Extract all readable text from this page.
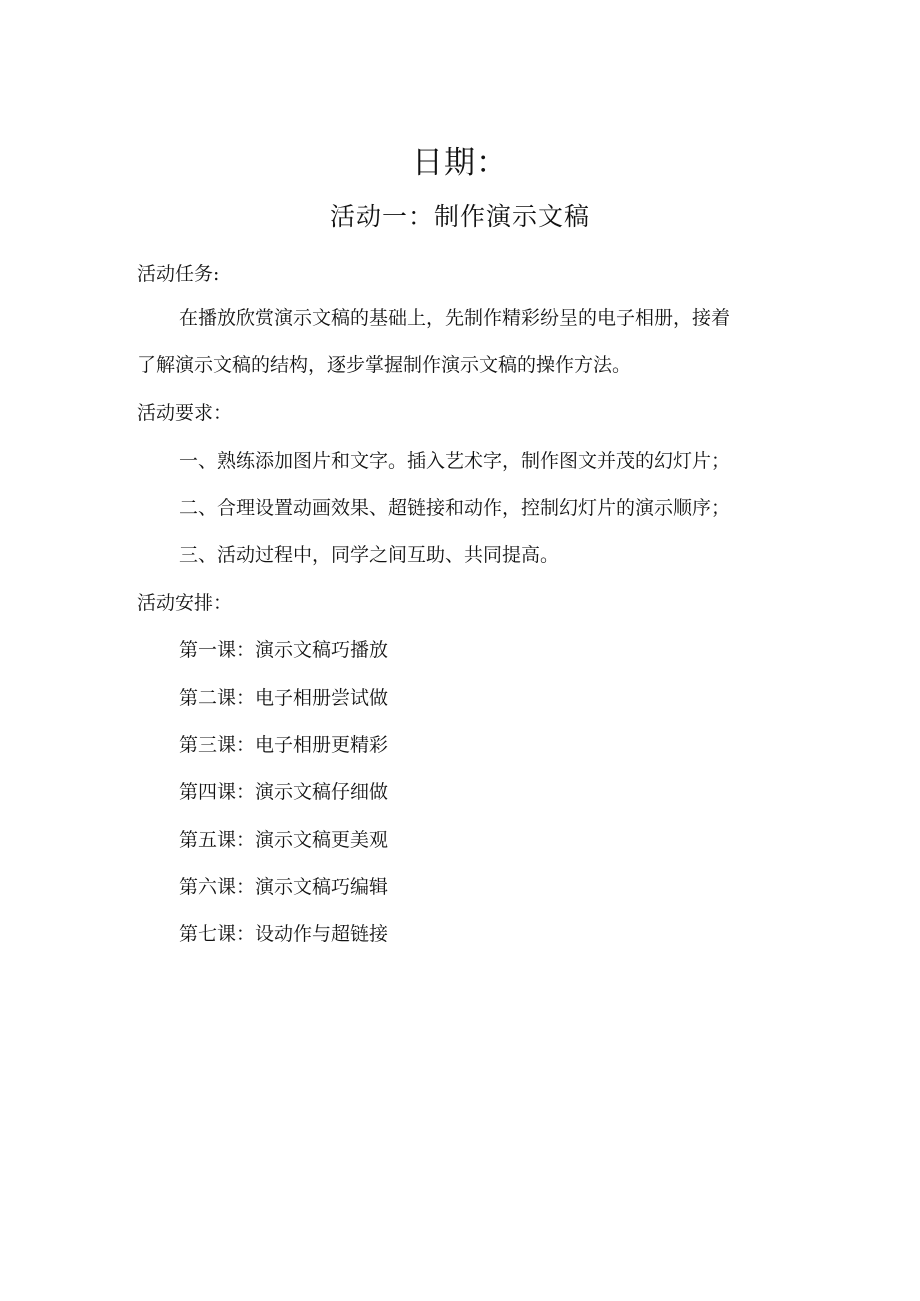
日期：
活动一：制作演示文稿
活动任务:
在播放欣赏演示文稿的基础上，先制作精彩纷呈的电子相册，接着
了解演示文稿的结构，逐步掌握制作演示文稿的操作方法。
活动要求：
一、熟练添加图片和文字。插入艺术字，制作图文并茂的幻灯片；
二、合理设置动画效果、超链接和动作，控制幻灯片的演示顺序；
三、活动过程中，同学之间互助、共同提高。
活动安排：
第一课：演示文稿巧播放
第二课：电子相册尝试做
第三课：电子相册更精彩
第四课：演示文稿仔细做
第五课：演示文稿更美观
第六课：演示文稿巧编辑
第七课：设动作与超链接
